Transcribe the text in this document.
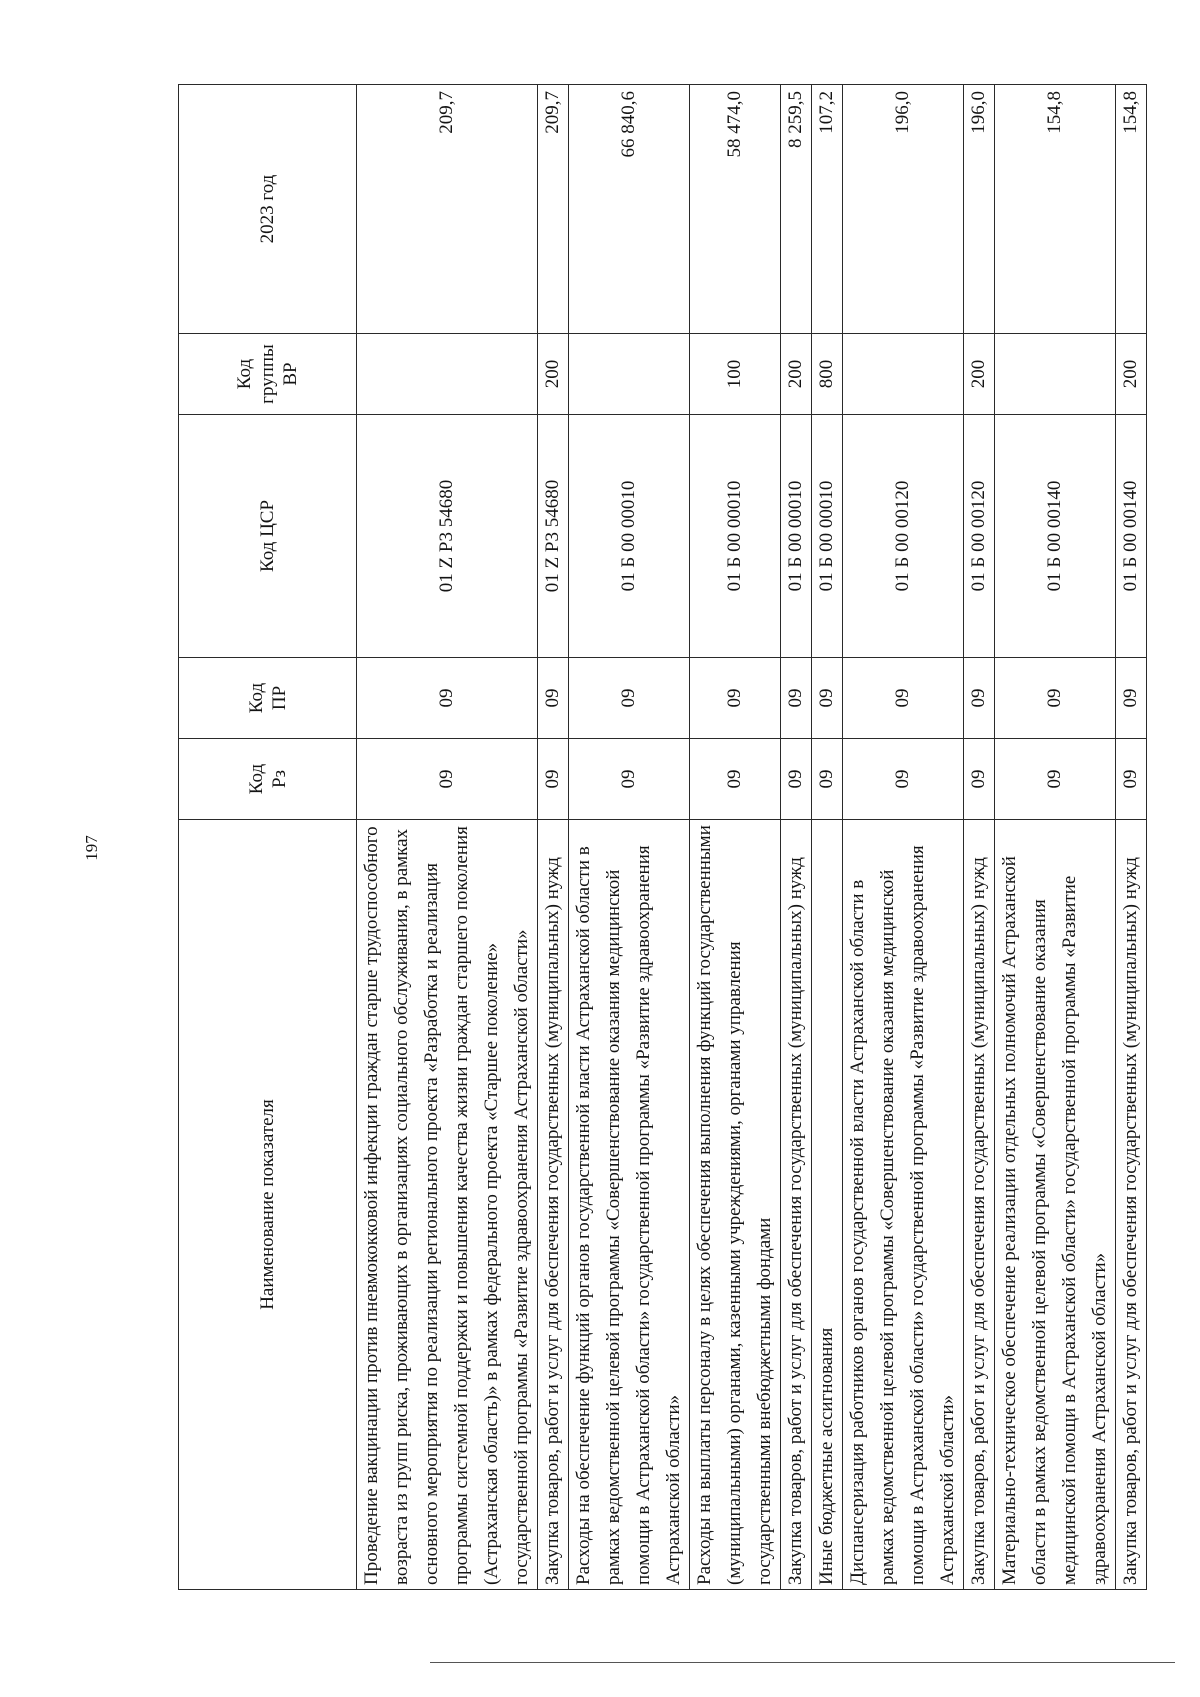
197
Наименование показателя	Код Рз	Код ПР	Код ЦСР	Код группы ВР	2023 год
Проведение вакцинации против пневмококковой инфекции граждан старше трудоспособного возраста из групп риска, проживающих в организациях социального обслуживания, в рамках основного мероприятия по реализации регионального проекта «Разработка и реализация программы системной поддержки и повышения качества жизни граждан старшего поколения (Астраханская область)» в рамках федерального проекта «Старшее поколение» государственной программы «Развитие здравоохранения Астраханской области»	09	09	01 Z P3 54680		209,7
Закупка товаров, работ и услуг для обеспечения государственных (муниципальных) нужд	09	09	01 Z P3 54680	200	209,7
Расходы на обеспечение функций органов государственной власти Астраханской области в рамках ведомственной целевой программы «Совершенствование оказания медицинской помощи в Астраханской области» государственной программы «Развитие здравоохранения Астраханской области»	09	09	01 Б 00 00010		66 840,6
Расходы на выплаты персоналу в целях обеспечения выполнения функций государственными (муниципальными) органами, казенными учреждениями, органами управления государственными внебюджетными фондами	09	09	01 Б 00 00010	100	58 474,0
Закупка товаров, работ и услуг для обеспечения государственных (муниципальных) нужд	09	09	01 Б 00 00010	200	8 259,5
Иные бюджетные ассигнования	09	09	01 Б 00 00010	800	107,2
Диспансеризация работников органов государственной власти Астраханской области в рамках ведомственной целевой программы «Совершенствование оказания медицинской помощи в Астраханской области» государственной программы «Развитие здравоохранения Астраханской области»	09	09	01 Б 00 00120		196,0
Закупка товаров, работ и услуг для обеспечения государственных (муниципальных) нужд	09	09	01 Б 00 00120	200	196,0
Материально-техническое обеспечение реализации отдельных полномочий Астраханской области в рамках ведомственной целевой программы «Совершенствование оказания медицинской помощи в Астраханской области» государственной программы «Развитие здравоохранения Астраханской области»	09	09	01 Б 00 00140		154,8
Закупка товаров, работ и услуг для обеспечения государственных (муниципальных) нужд	09	09	01 Б 00 00140	200	154,8
